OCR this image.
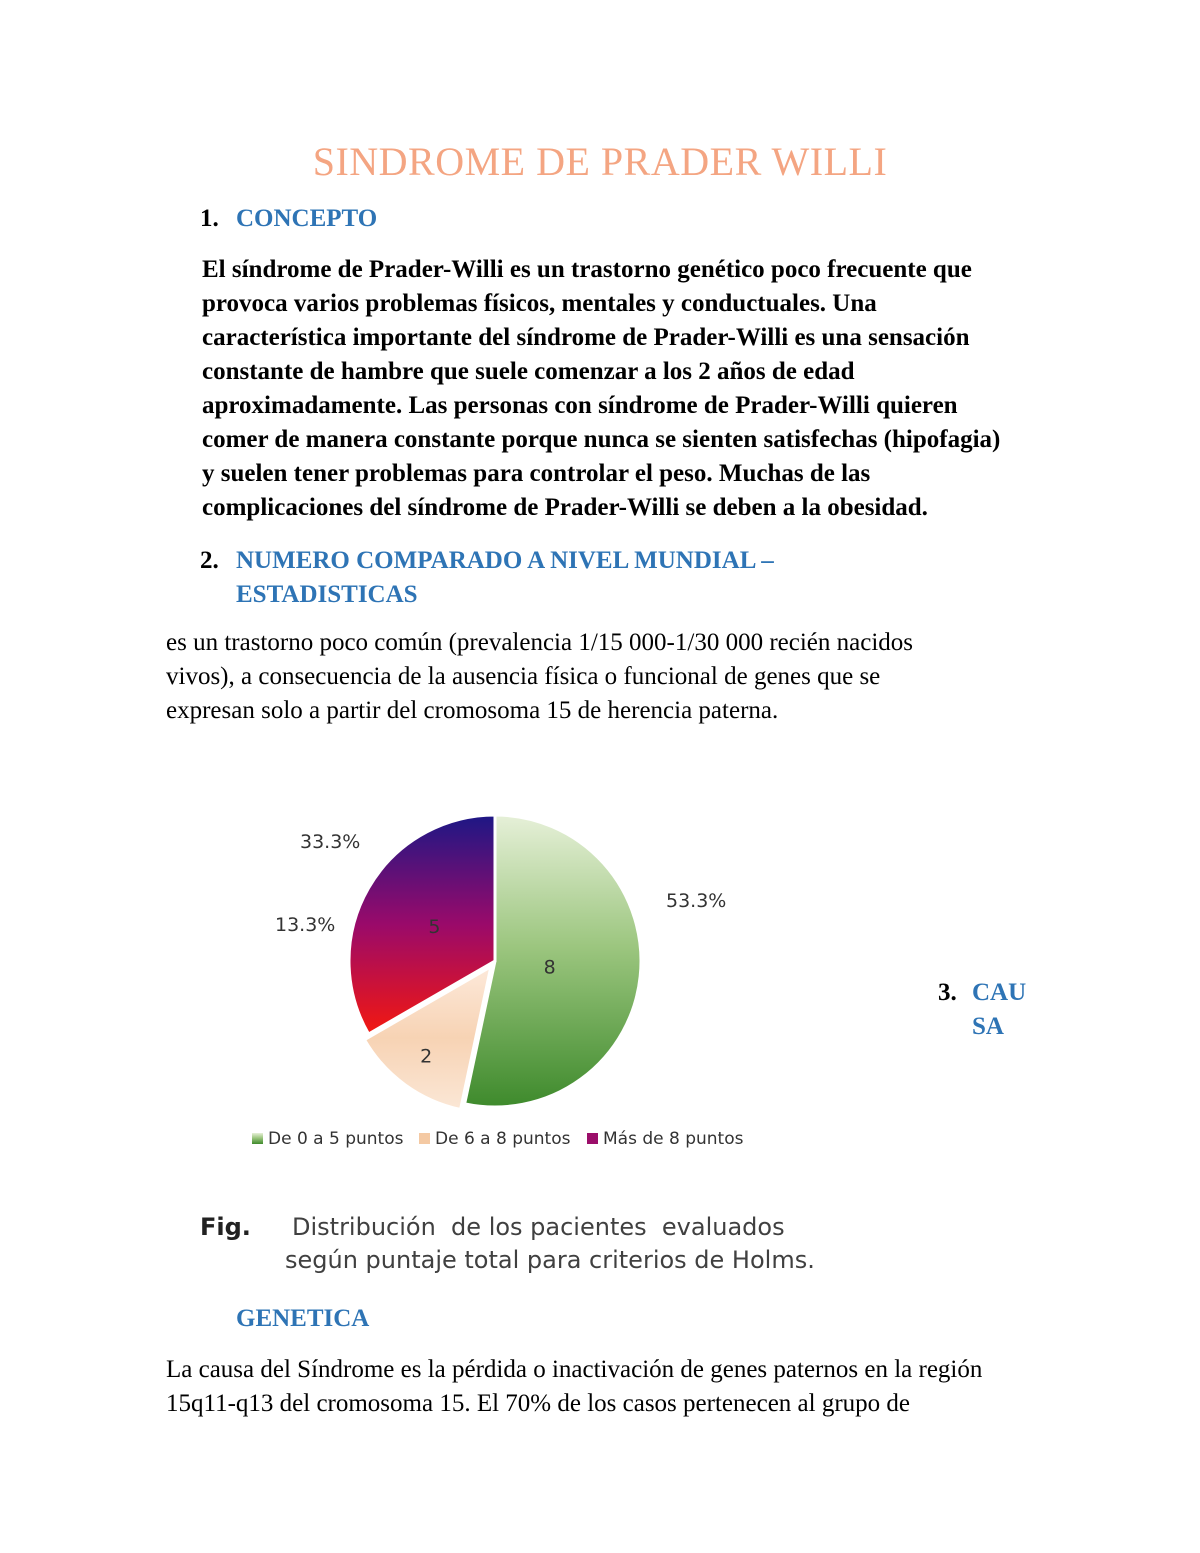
SINDROME DE PRADER WILLI
1. CONCEPTO

El síndrome de Prader-Willi es un trastorno genético poco frecuente que

provoca varios problemas físicos, mentales y conductuales. Una

característica importante del síndrome de Prader-Willi es una sensación

constante de hambre que suele comenzar a los 2 años de edad

aproximadamente. Las personas con síndrome de Prader-Willi quieren

comer de manera constante porque nunca se sienten satisfechas (hipofagia)

y suelen tener problemas para controlar el peso. Muchas de las

complicaciones del síndrome de Prader-Willi se deben a la obesidad.

2. NUMERO COMPARADO A NIVEL MUNDIAL –
ESTADISTICAS

es un trastorno poco común (prevalencia 1/15 000-1/30 000 recién nacidos

vivos), a consecuencia de la ausencia física o funcional de genes que se

expresan solo a partir del cromosoma 15 de herencia paterna.

8
2
5
33.3%
13.3%
53.3%
De 0 a 5 puntos De 6 a 8 puntos Más de 8 puntos
3. CAU
SA
Fig. Distribución  de los pacientes  evaluados
según puntaje total para criterios de Holms.
GENETICA

La causa del Síndrome es la pérdida o inactivación de genes paternos en la región

15q11-q13 del cromosoma 15. El 70% de los casos pertenecen al grupo de
